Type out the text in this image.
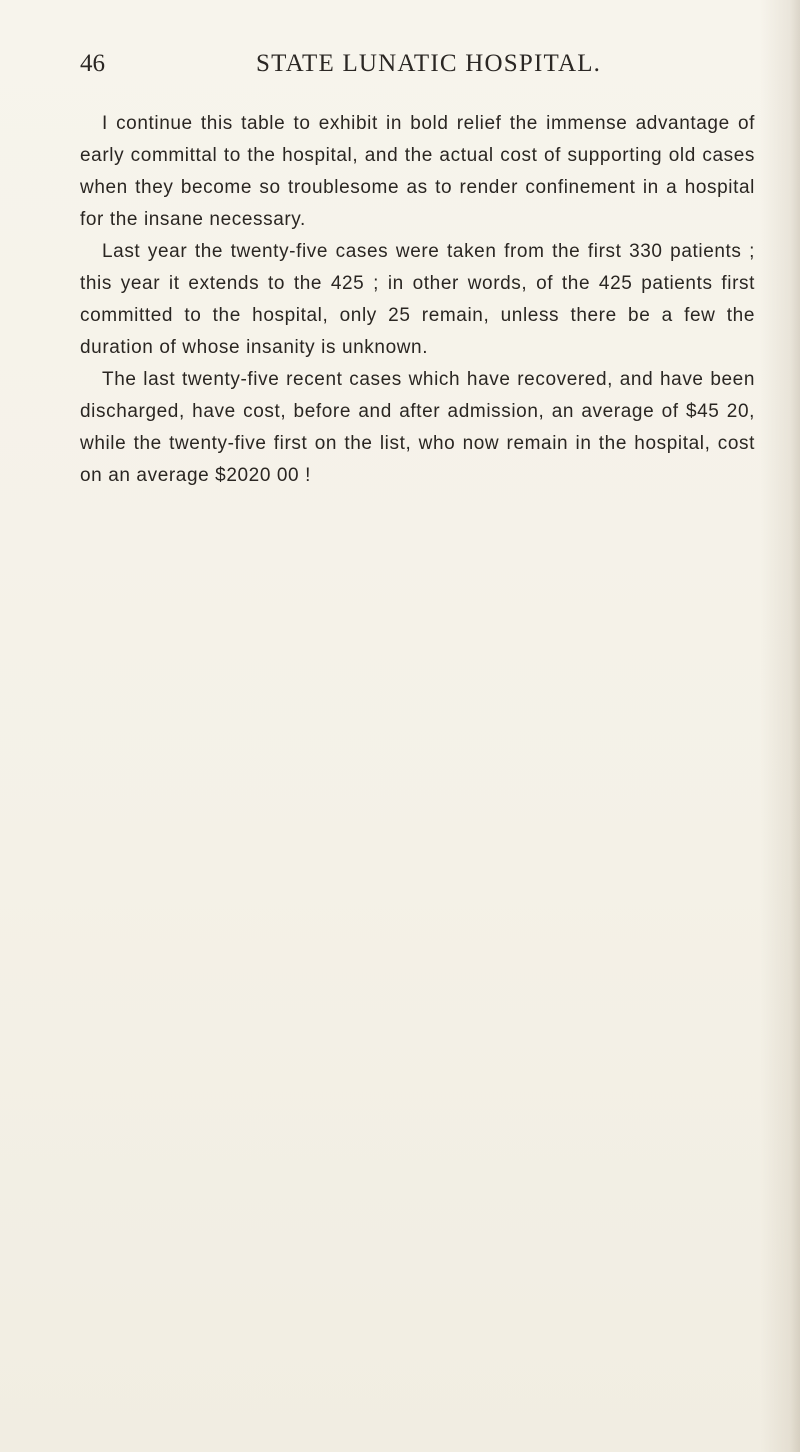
46	STATE LUNATIC HOSPITAL.

I continue this table to exhibit in bold relief the immense advantage of early committal to the hospital, and the actual cost of supporting old cases when they become so troublesome as to render confinement in a hospital for the insane necessary.

Last year the twenty-five cases were taken from the first 330 patients ; this year it extends to the 425 ; in other words, of the 425 patients first committed to the hospital, only 25 remain, unless there be a few the duration of whose insanity is unknown.

The last twenty-five recent cases which have recovered, and have been discharged, have cost, before and after admission, an average of $45 20, while the twenty-five first on the list, who now remain in the hospital, cost on an average $2020 00 !
